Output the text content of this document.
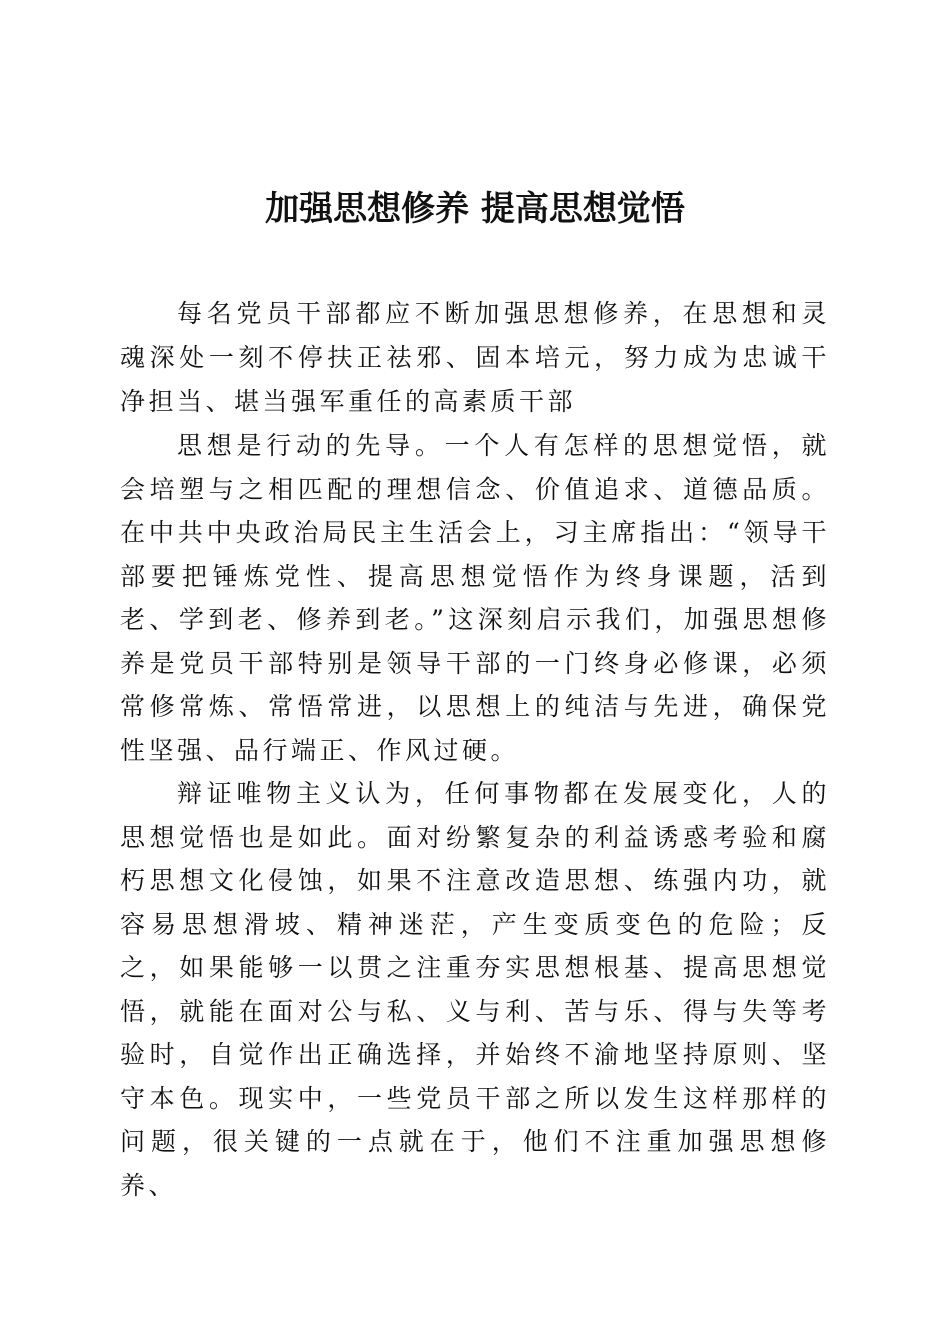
加强思想修养 提高思想觉悟

每名党员干部都应不断加强思想修养，在思想和灵魂深处一刻不停扶正祛邪、固本培元，努力成为忠诚干净担当、堪当强军重任的高素质干部

思想是行动的先导。一个人有怎样的思想觉悟，就会培塑与之相匹配的理想信念、价值追求、道德品质。在中共中央政治局民主生活会上，习主席指出：“领导干部要把锤炼党性、提高思想觉悟作为终身课题，活到老、学到老、修养到老。”这深刻启示我们，加强思想修养是党员干部特别是领导干部的一门终身必修课，必须常修常炼、常悟常进，以思想上的纯洁与先进，确保党性坚强、品行端正、作风过硬。

辩证唯物主义认为，任何事物都在发展变化，人的思想觉悟也是如此。面对纷繁复杂的利益诱惑考验和腐朽思想文化侵蚀，如果不注意改造思想、练强内功，就容易思想滑坡、精神迷茫，产生变质变色的危险；反之，如果能够一以贯之注重夯实思想根基、提高思想觉悟，就能在面对公与私、义与利、苦与乐、得与失等考验时，自觉作出正确选择，并始终不渝地坚持原则、坚守本色。现实中，一些党员干部之所以发生这样那样的问题，很关键的一点就在于，他们不注重加强思想修养、
